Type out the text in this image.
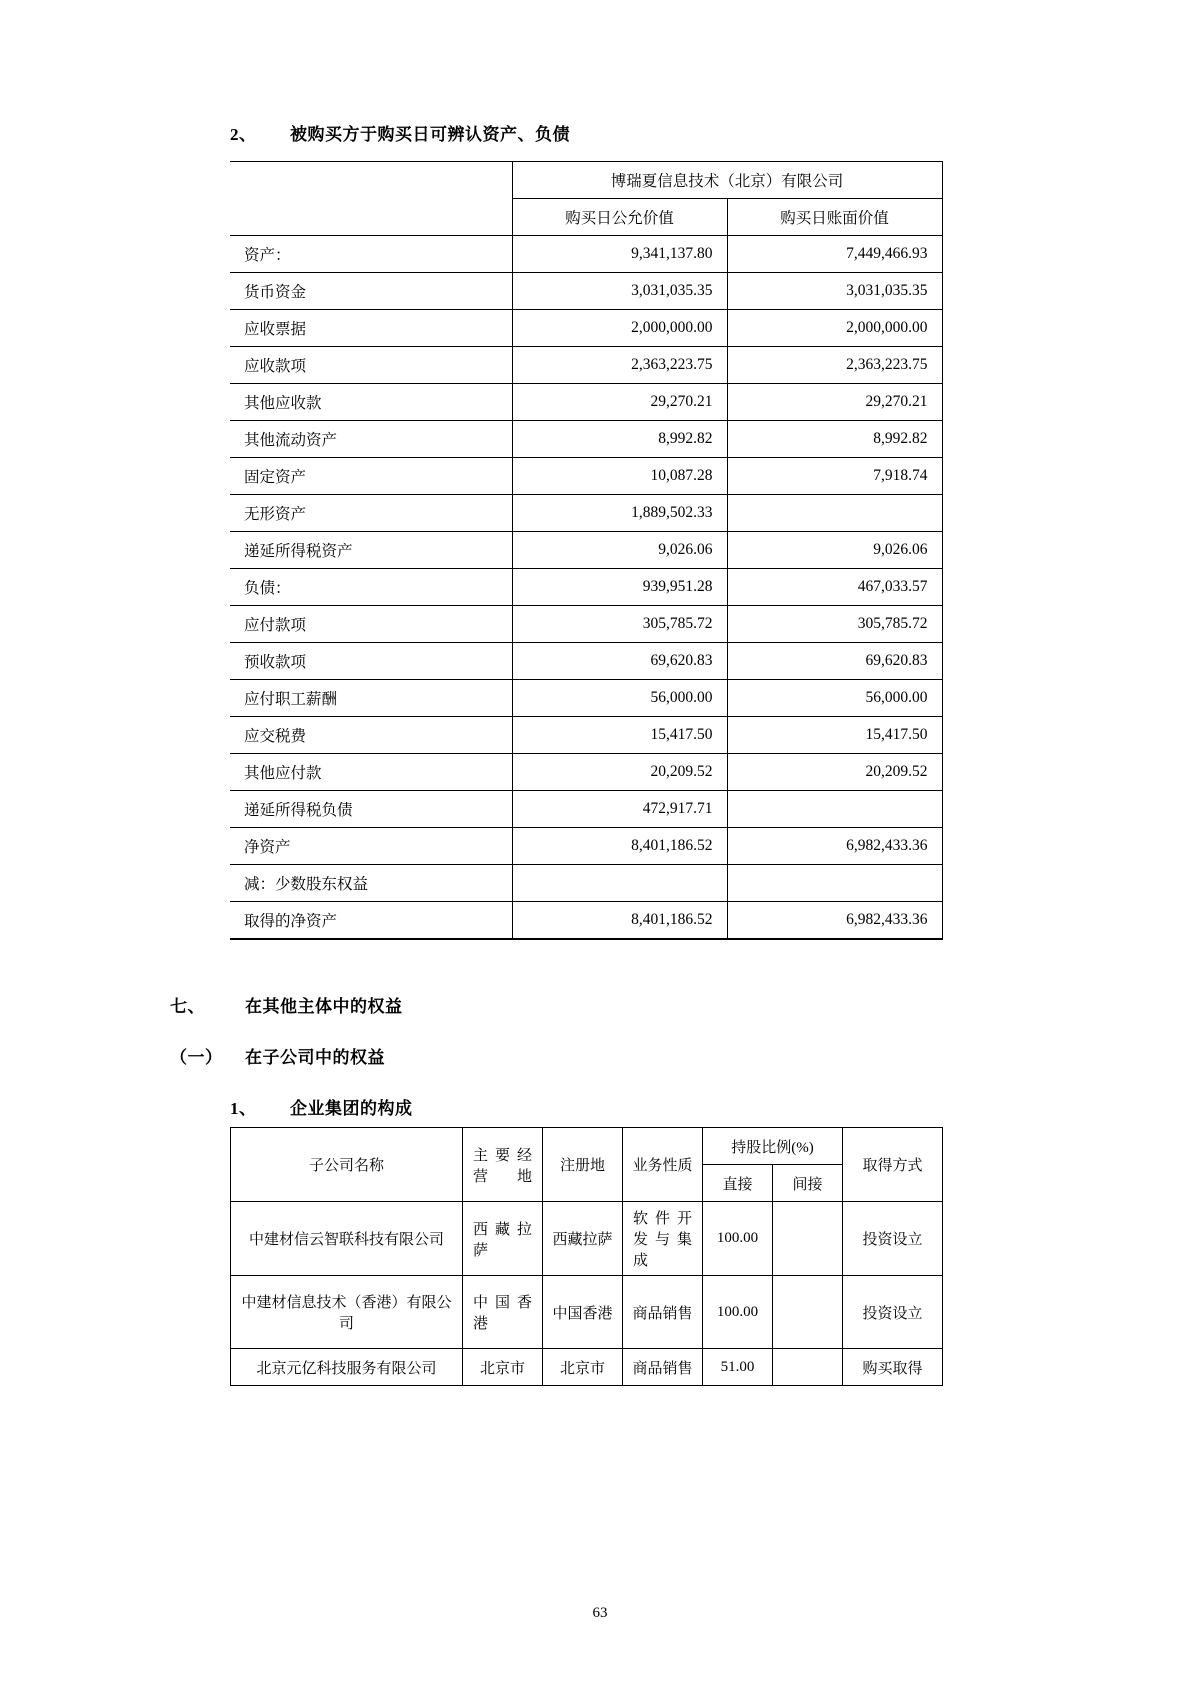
2、	被购买方于购买日可辨认资产、负债
	博瑞夏信息技术（北京）有限公司	
	购买日公允价值	购买日账面价值
资产：	9,341,137.80	7,449,466.93
货币资金	3,031,035.35	3,031,035.35
应收票据	2,000,000.00	2,000,000.00
应收款项	2,363,223.75	2,363,223.75
其他应收款	29,270.21	29,270.21
其他流动资产	8,992.82	8,992.82
固定资产	10,087.28	7,918.74
无形资产	1,889,502.33	
递延所得税资产	9,026.06	9,026.06
负债：	939,951.28	467,033.57
应付款项	305,785.72	305,785.72
预收款项	69,620.83	69,620.83
应付职工薪酬	56,000.00	56,000.00
应交税费	15,417.50	15,417.50
其他应付款	20,209.52	20,209.52
递延所得税负债	472,917.71	
净资产	8,401,186.52	6,982,433.36
减：少数股东权益		
取得的净资产	8,401,186.52	6,982,433.36
七、	在其他主体中的权益
（一）	在子公司中的权益
1、	企业集团的构成
子公司名称	主要经营地	注册地	业务性质	持股比例(%)		取得方式
				直接	间接	
中建材信云智联科技有限公司	西藏拉萨	西藏拉萨	软件开发与集成	100.00		投资设立
中建材信息技术（香港）有限公司	中国香港	中国香港	商品销售	100.00		投资设立
北京元亿科技服务有限公司	北京市	北京市	商品销售	51.00		购买取得
63
